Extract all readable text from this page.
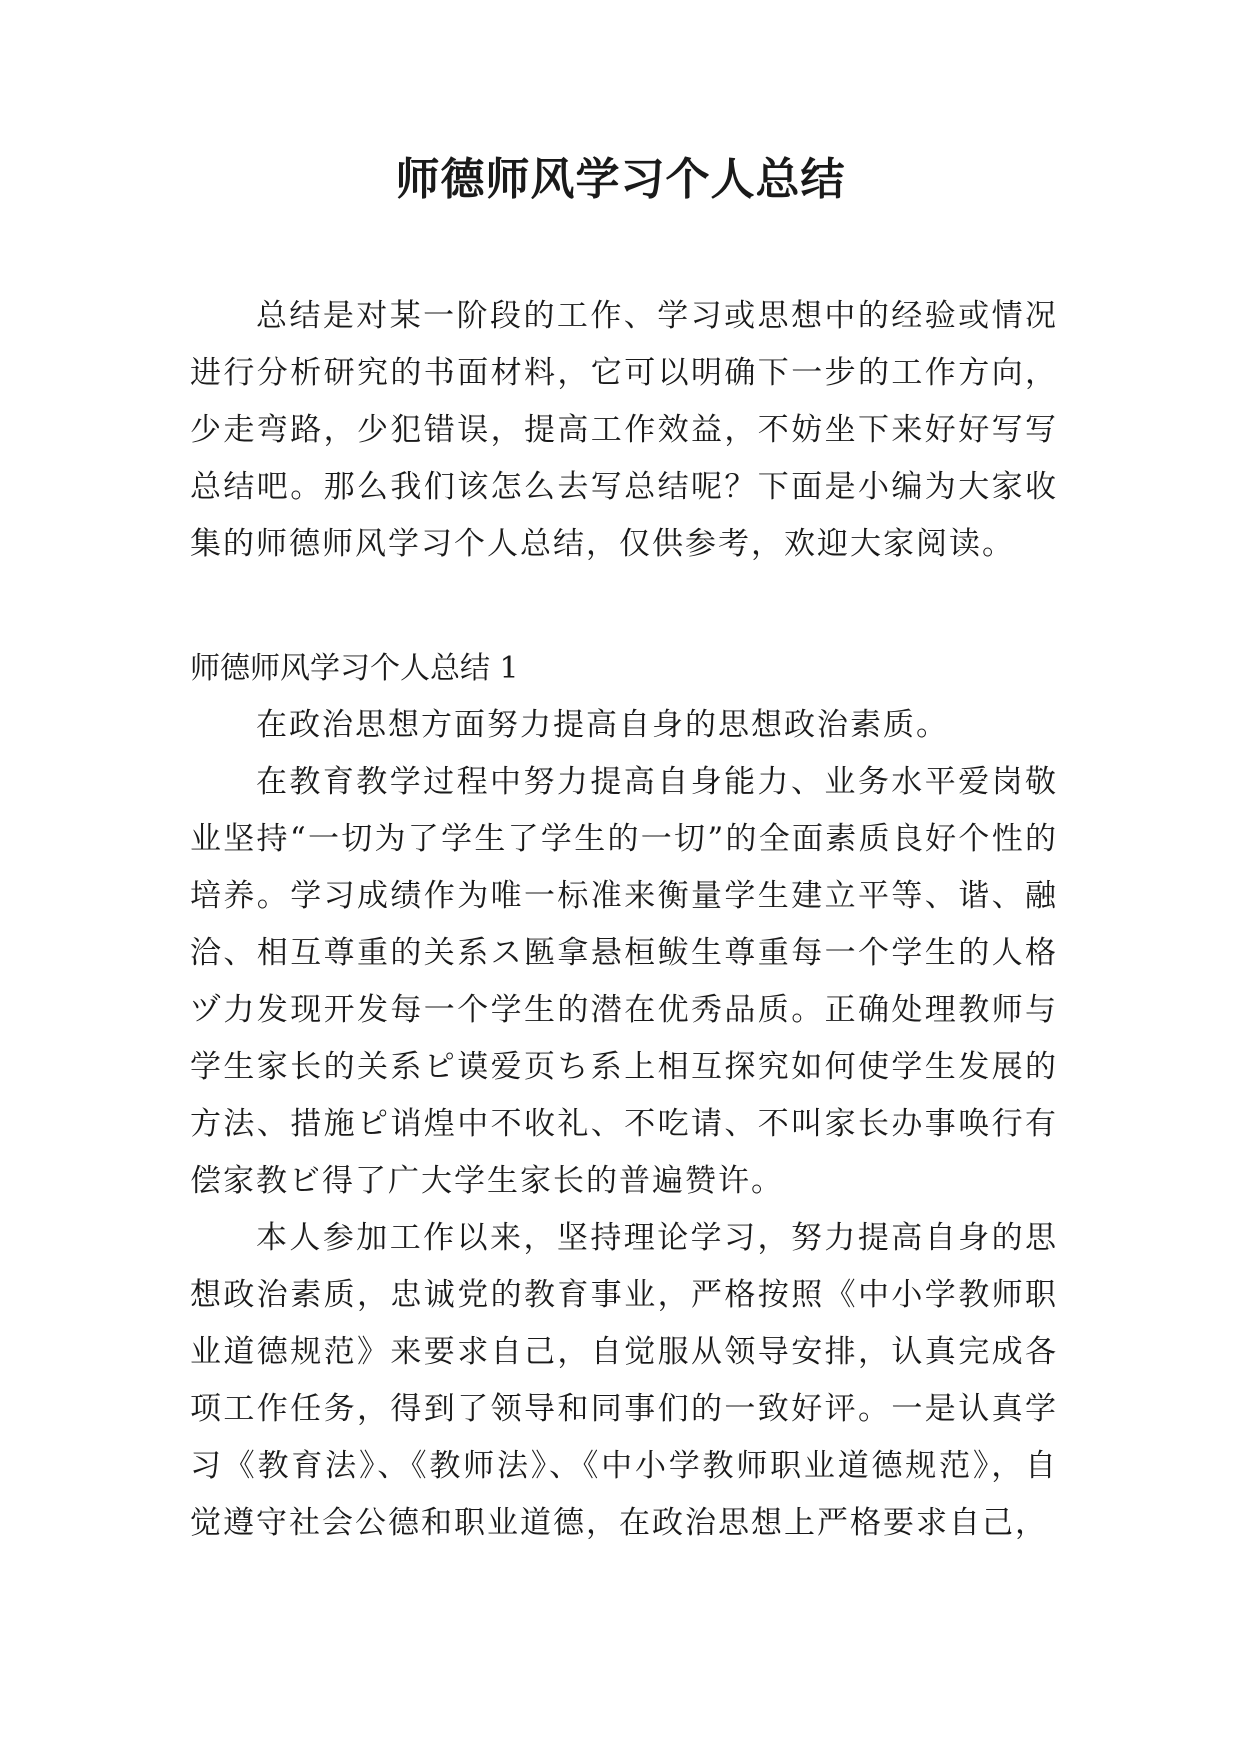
师德师风学习个人总结

总结是对某一阶段的工作、学习或思想中的经验或情况进行分析研究的书面材料，它可以明确下一步的工作方向，少走弯路，少犯错误，提高工作效益，不妨坐下来好好写写总结吧。那么我们该怎么去写总结呢？下面是小编为大家收集的师德师风学习个人总结，仅供参考，欢迎大家阅读。

师德师风学习个人总结 1

在政治思想方面努力提高自身的思想政治素质。

在教育教学过程中努力提高自身能力、业务水平爱岗敬业坚持“一切为了学生了学生的一切”的全面素质良好个性的培养。学习成绩作为唯一标准来衡量学生建立平等、谐、融洽、相互尊重的关系ス匦拿悬桓鲅生尊重每一个学生的人格ヅ力发现开发每一个学生的潜在优秀品质。正确处理教师与学生家长的关系ピ谟爱页ち系上相互探究如何使学生发展的方法、措施ピ诮煌中不收礼、不吃请、不叫家长办事唤行有偿家教ビ得了广大学生家长的普遍赞许。

本人参加工作以来，坚持理论学习，努力提高自身的思想政治素质，忠诚党的教育事业，严格按照《中小学教师职业道德规范》来要求自己，自觉服从领导安排，认真完成各项工作任务，得到了领导和同事们的一致好评。一是认真学习《教育法》、《教师法》、《中小学教师职业道德规范》，自觉遵守社会公德和职业道德，在政治思想上严格要求自己，
